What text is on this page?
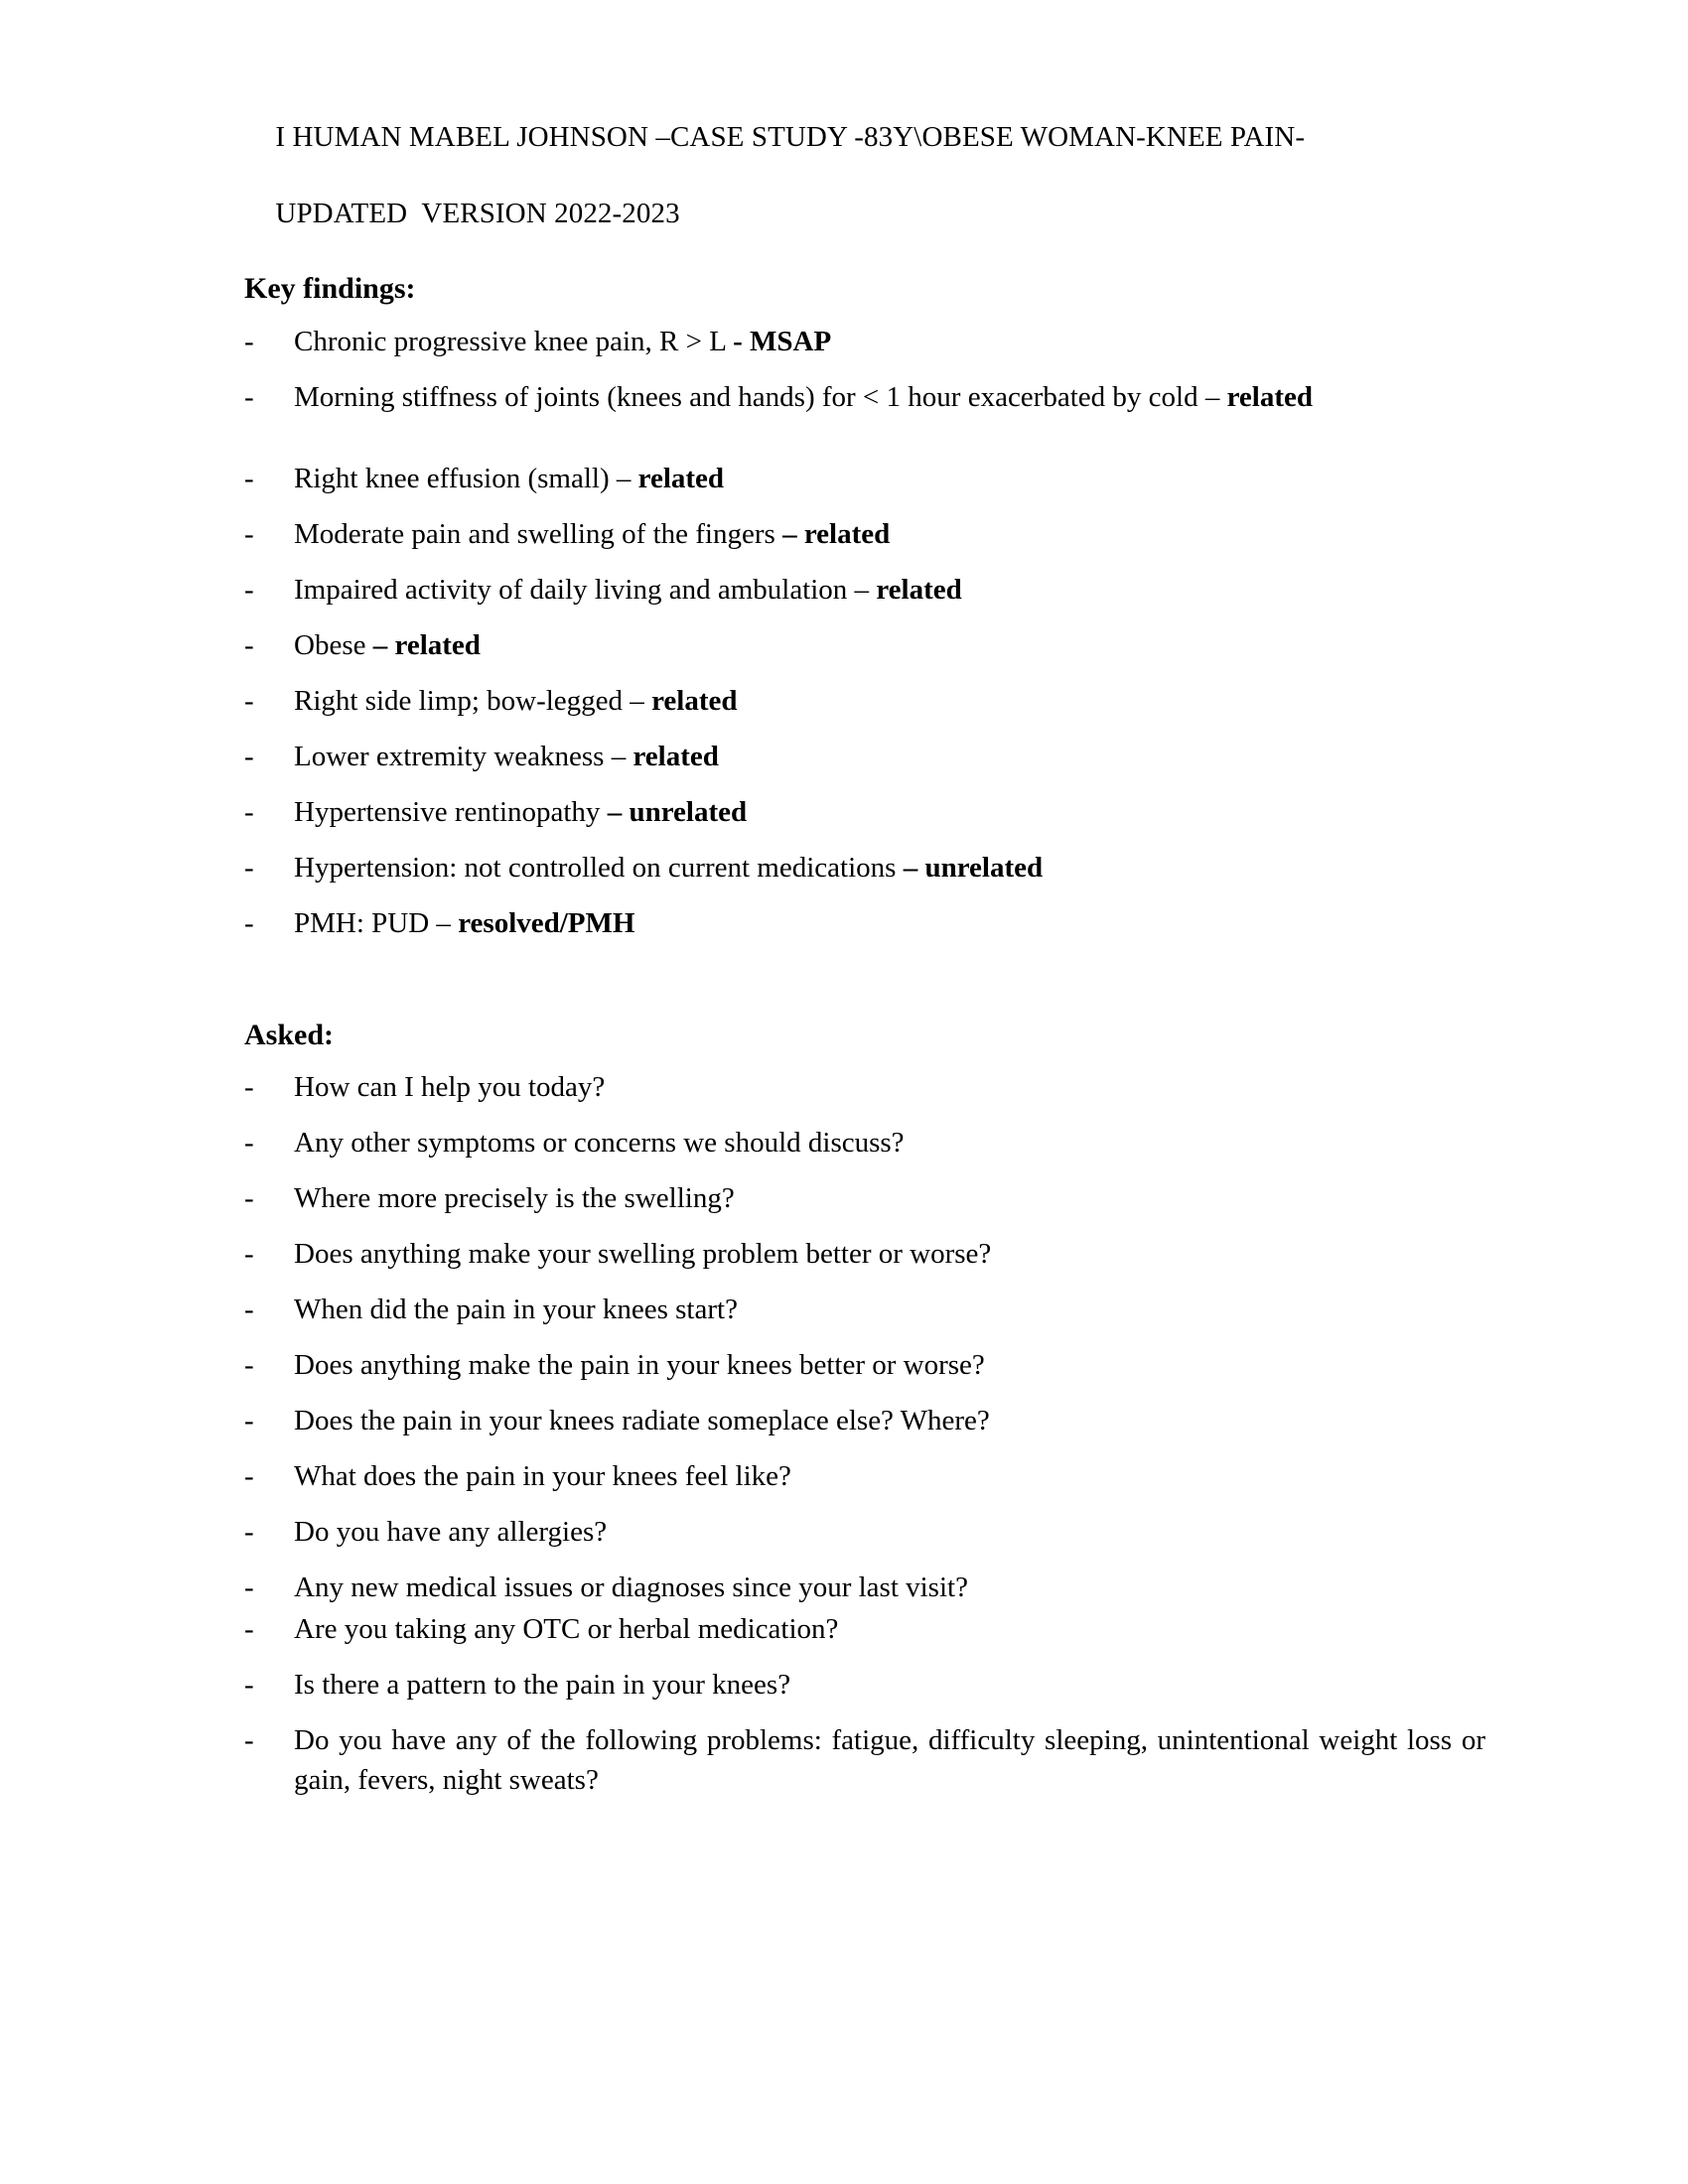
I HUMAN MABEL JOHNSON –CASE STUDY -83Y\OBESE WOMAN-KNEE PAIN-

UPDATED  VERSION 2022-2023

Key findings:
-	Chronic progressive knee pain, R > L - MSAP
-	Morning stiffness of joints (knees and hands) for < 1 hour exacerbated by cold – related
-	Right knee effusion (small) – related
-	Moderate pain and swelling of the fingers – related
-	Impaired activity of daily living and ambulation – related
-	Obese – related
-	Right side limp; bow-legged – related
-	Lower extremity weakness – related
-	Hypertensive rentinopathy – unrelated
-	Hypertension: not controlled on current medications – unrelated
-	PMH: PUD – resolved/PMH
Asked:
-	How can I help you today?
-	Any other symptoms or concerns we should discuss?
-	Where more precisely is the swelling?
-	Does anything make your swelling problem better or worse?
-	When did the pain in your knees start?
-	Does anything make the pain in your knees better or worse?
-	Does the pain in your knees radiate someplace else? Where?
-	What does the pain in your knees feel like?
-	Do you have any allergies?
-	Any new medical issues or diagnoses since your last visit?
-	Are you taking any OTC or herbal medication?
-	Is there a pattern to the pain in your knees?
-	Do you have any of the following problems: fatigue, difficulty sleeping, unintentional weight loss or gain, fevers, night sweats?
